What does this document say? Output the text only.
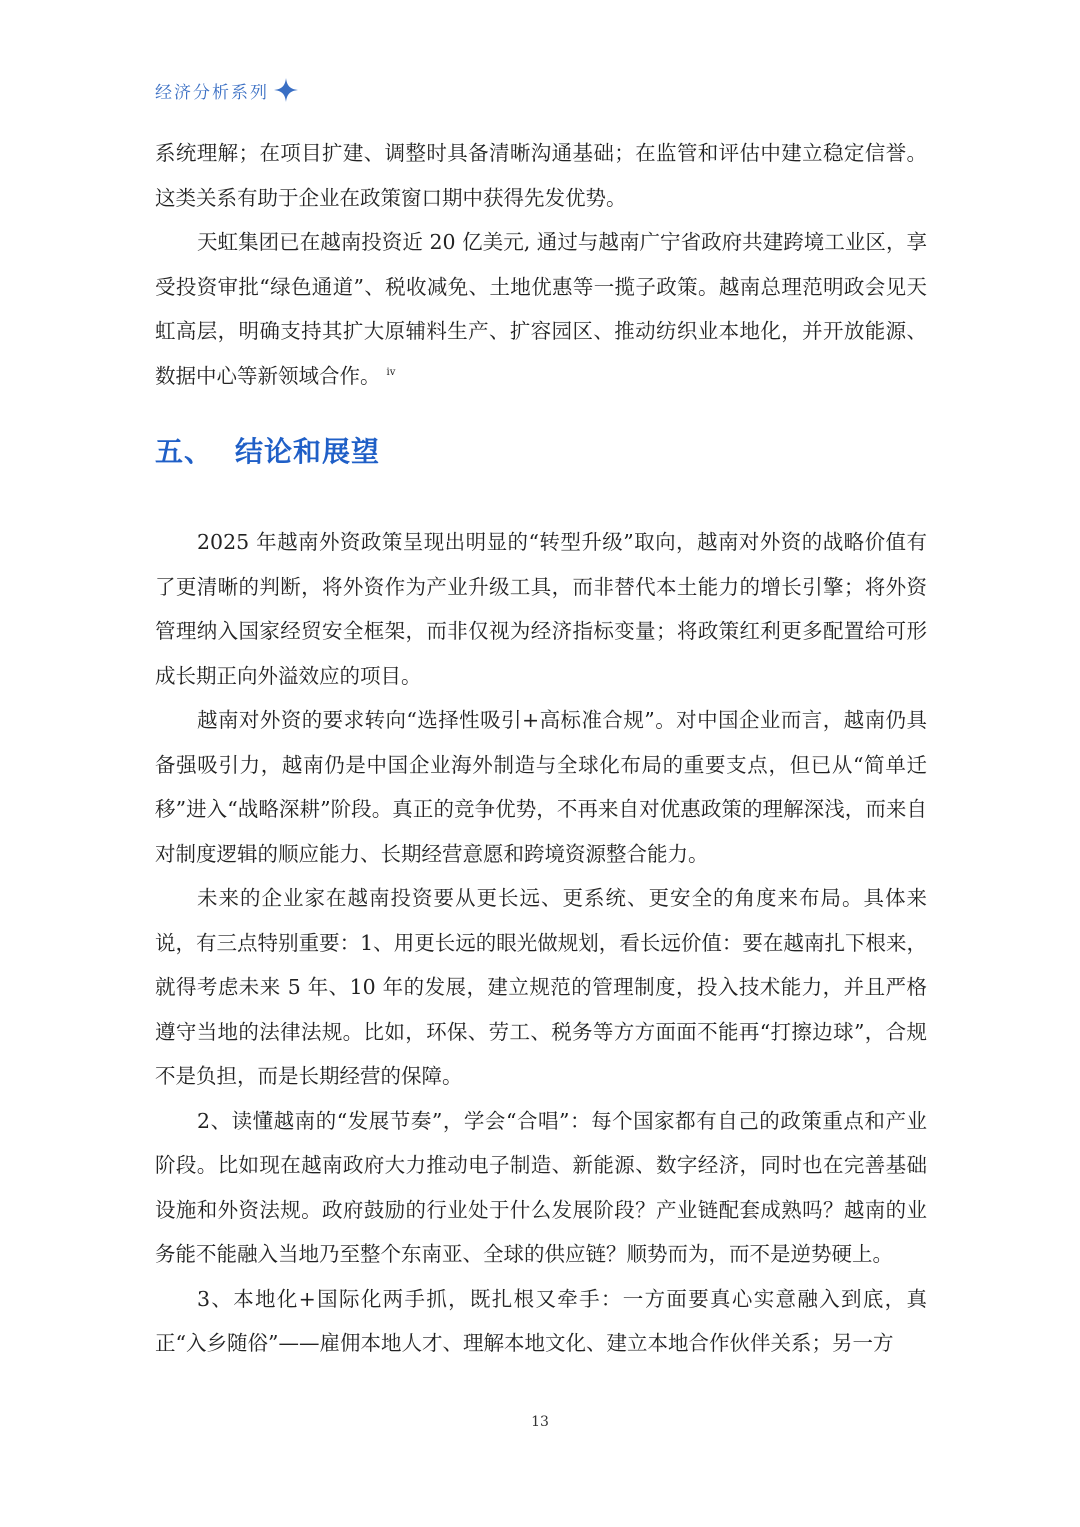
经济分析系列

系统理解；在项目扩建、调整时具备清晰沟通基础；在监管和评估中建立稳定信誉。这类关系有助于企业在政策窗口期中获得先发优势。

天虹集团已在越南投资近 20 亿美元, 通过与越南广宁省政府共建跨境工业区，享受投资审批“绿色通道”、税收减免、土地优惠等一揽子政策。越南总理范明政会见天虹高层，明确支持其扩大原辅料生产、扩容园区、推动纺织业本地化，并开放能源、数据中心等新领域合作。 $^{iv}$

五、 结论和展望

2025 年越南外资政策呈现出明显的“转型升级”取向，越南对外资的战略价值有了更清晰的判断，将外资作为产业升级工具，而非替代本土能力的增长引擎；将外资管理纳入国家经贸安全框架，而非仅视为经济指标变量；将政策红利更多配置给可形成长期正向外溢效应的项目。

越南对外资的要求转向“选择性吸引+高标准合规”。对中国企业而言，越南仍具备强吸引力，越南仍是中国企业海外制造与全球化布局的重要支点，但已从“简单迁移”进入“战略深耕”阶段。真正的竞争优势，不再来自对优惠政策的理解深浅，而来自对制度逻辑的顺应能力、长期经营意愿和跨境资源整合能力。

未来的企业家在越南投资要从更长远、更系统、更安全的角度来布局。具体来说，有三点特别重要：1、用更长远的眼光做规划，看长远价值：要在越南扎下根来，就得考虑未来 5 年、10 年的发展，建立规范的管理制度，投入技术能力，并且严格遵守当地的法律法规。比如，环保、劳工、税务等方方面面不能再“打擦边球”，合规不是负担，而是长期经营的保障。

2、读懂越南的“发展节奏”，学会“合唱”：每个国家都有自己的政策重点和产业阶段。比如现在越南政府大力推动电子制造、新能源、数字经济，同时也在完善基础设施和外资法规。政府鼓励的行业处于什么发展阶段？产业链配套成熟吗？越南的业务能不能融入当地乃至整个东南亚、全球的供应链？顺势而为，而不是逆势硬上。

3、本地化+国际化两手抓，既扎根又牵手：一方面要真心实意融入到底，真正“入乡随俗”——雇佣本地人才、理解本地文化、建立本地合作伙伴关系；另一方

13
